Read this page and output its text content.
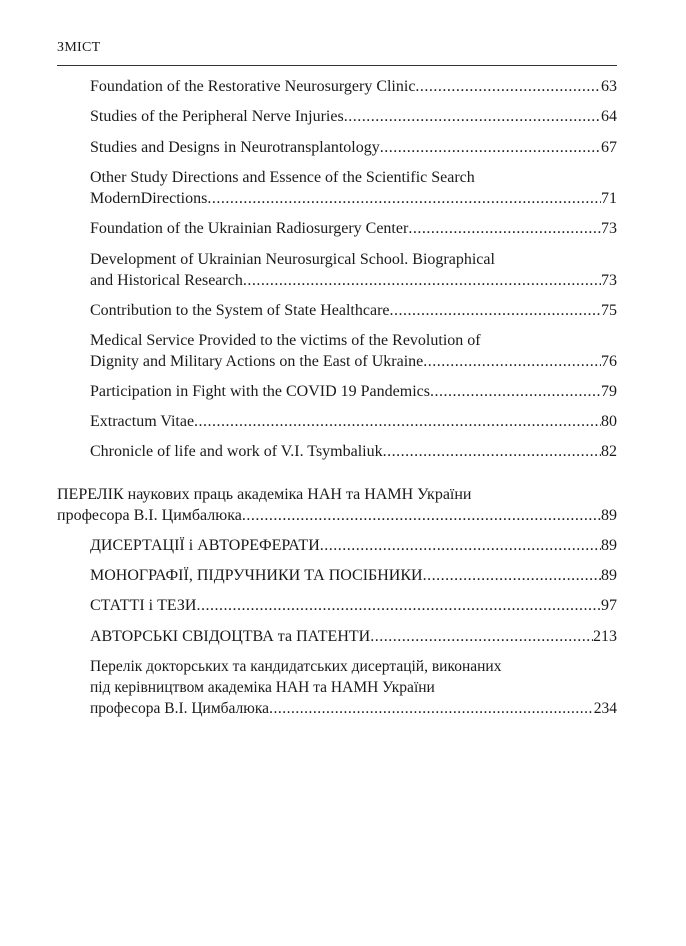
ЗМІСТ
Foundation of the Restorative Neurosurgery Clinic .....	63
Studies of the Peripheral Nerve Injuries .....	64
Studies and Designs in Neurotransplantology .....	67
Other Study Directions and Essence of the Scientific Search
ModernDirections .....	71
Foundation of the Ukrainian Radiosurgery Center .....	73
Development of Ukrainian Neurosurgical School. Biographical
and Historical Research .....	73
Contribution to the System of State Healthcare .....	75
Medical Service Provided to the victims of the Revolution of
Dignity and Military Actions on the East of Ukraine .....	76
Participation in Fight with the COVID 19 Pandemics .....	79
Extractum Vitae .....	80
Chronicle of life and work of V.I. Tsymbaliuk .....	82
ПЕРЕЛІК наукових праць академіка НАН та НАМН України
професора В.І. Цимбалюка .....	89
ДИСЕРТАЦІЇ і АВТОРЕФЕРАТИ .....	89
МОНОГРАФІЇ, ПІДРУЧНИКИ ТА ПОСІБНИКИ .....	89
СТАТТІ і ТЕЗИ .....	97
АВТОРСЬКІ СВІДОЦТВА та ПАТЕНТИ .....	213
Перелік докторських та кандидатських дисертацій, виконаних
під керівництвом академіка НАН та НАМН України
професора В.І. Цимбалюка .....	234
